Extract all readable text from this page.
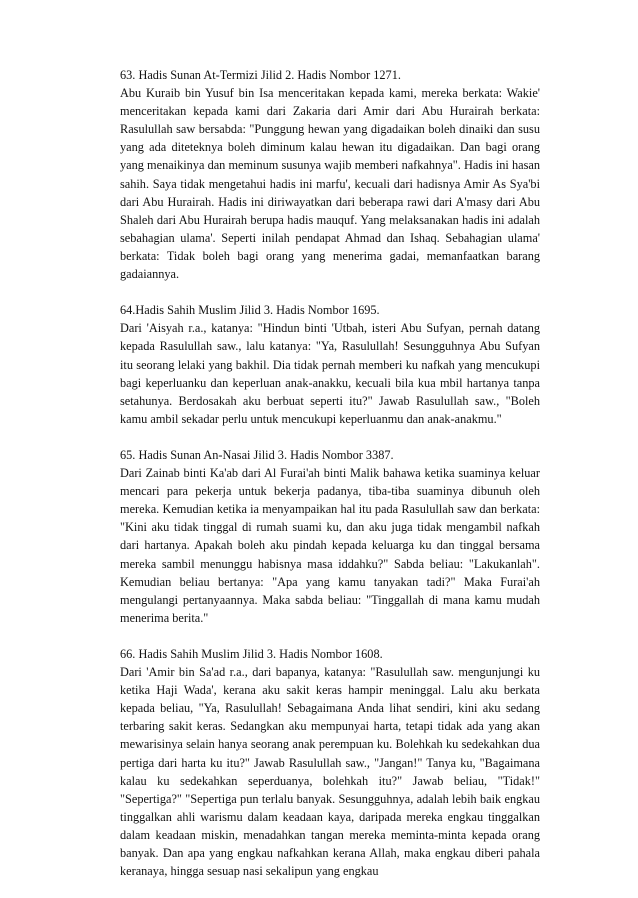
63. Hadis Sunan At-Termizi Jilid 2. Hadis Nombor 1271.

Abu Kuraib bin Yusuf bin Isa menceritakan kepada kami, mereka berkata: Wakie' menceritakan kepada kami dari Zakaria dari Amir dari Abu Hurairah berkata: Rasulullah saw bersabda: "Punggung hewan yang digadaikan boleh dinaiki dan susu yang ada diteteknya boleh diminum kalau hewan itu digadaikan. Dan bagi orang yang menaikinya dan meminum susunya wajib memberi nafkahnya". Hadis ini hasan sahih. Saya tidak mengetahui hadis ini marfu', kecuali dari hadisnya Amir As Sya'bi dari Abu Hurairah. Hadis ini diriwayatkan dari beberapa rawi dari A'masy dari Abu Shaleh dari Abu Hurairah berupa hadis mauquf. Yang melaksanakan hadis ini adalah sebahagian ulama'. Seperti inilah pendapat Ahmad dan Ishaq. Sebahagian ulama' berkata: Tidak boleh bagi orang yang menerima gadai, memanfaatkan barang gadaiannya.

64.Hadis Sahih Muslim Jilid 3. Hadis Nombor 1695.

Dari 'Aisyah r.a., katanya: "Hindun binti 'Utbah, isteri Abu Sufyan, pernah datang kepada Rasulullah saw., lalu katanya: "Ya, Rasulullah! Sesungguhnya Abu Sufyan itu seorang lelaki yang bakhil. Dia tidak pernah memberi ku nafkah yang mencukupi bagi keperluanku dan keperluan anak-anakku, kecuali bila kua mbil hartanya tanpa setahunya. Berdosakah aku berbuat seperti itu?" Jawab Rasulullah saw., "Boleh kamu ambil sekadar perlu untuk mencukupi keperluanmu dan anak-anakmu."

65. Hadis Sunan An-Nasai Jilid 3. Hadis Nombor 3387.

Dari Zainab binti Ka'ab dari Al Furai'ah binti Malik bahawa ketika suaminya keluar mencari para pekerja untuk bekerja padanya, tiba-tiba suaminya dibunuh oleh mereka. Kemudian ketika ia menyampaikan hal itu pada Rasulullah saw dan berkata: "Kini aku tidak tinggal di rumah suami ku, dan aku juga tidak mengambil nafkah dari hartanya. Apakah boleh aku pindah kepada keluarga ku dan tinggal bersama mereka sambil menunggu habisnya masa iddahku?" Sabda beliau: "Lakukanlah". Kemudian beliau bertanya: "Apa yang kamu tanyakan tadi?" Maka Furai'ah mengulangi pertanyaannya. Maka sabda beliau: "Tinggallah di mana kamu mudah menerima berita."

66. Hadis Sahih Muslim Jilid 3. Hadis Nombor 1608.

Dari 'Amir bin Sa'ad r.a., dari bapanya, katanya: "Rasulullah saw. mengunjungi ku ketika Haji Wada', kerana aku sakit keras hampir meninggal. Lalu aku berkata kepada beliau, "Ya, Rasulullah! Sebagaimana Anda lihat sendiri, kini aku sedang terbaring sakit keras. Sedangkan aku mempunyai harta, tetapi tidak ada yang akan mewarisinya selain hanya seorang anak perempuan ku. Bolehkah ku sedekahkan dua pertiga dari harta ku itu?" Jawab Rasulullah saw., "Jangan!" Tanya ku, "Bagaimana kalau ku sedekahkan seperduanya, bolehkah itu?" Jawab beliau, "Tidak!" "Sepertiga?" "Sepertiga pun terlalu banyak. Sesungguhnya, adalah lebih baik engkau tinggalkan ahli warismu dalam keadaan kaya, daripada mereka engkau tinggalkan dalam keadaan miskin, menadahkan tangan mereka meminta-minta kepada orang banyak. Dan apa yang engkau nafkahkan kerana Allah, maka engkau diberi pahala keranaya, hingga sesuap nasi sekalipun yang engkau
